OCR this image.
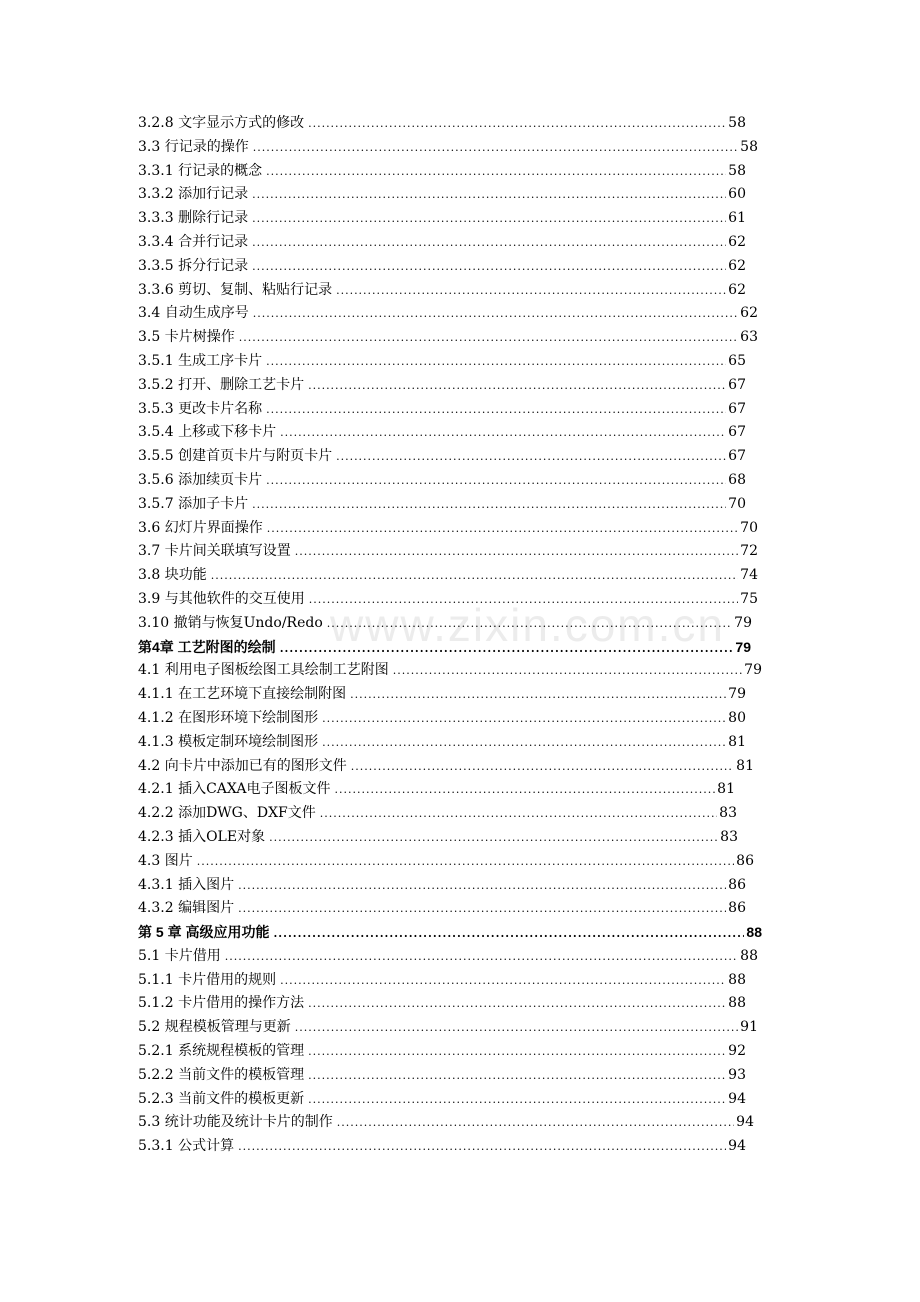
www.zixin.com.cn
3.2.8 文字显示方式的修改 .....	58
3.3 行记录的操作 .....	58
3.3.1 行记录的概念 .....	58
3.3.2 添加行记录 .....	60
3.3.3 删除行记录 .....	61
3.3.4 合并行记录 .....	62
3.3.5 拆分行记录 .....	62
3.3.6 剪切、复制、粘贴行记录 .....	62
3.4 自动生成序号 .....	62
3.5 卡片树操作 .....	63
3.5.1 生成工序卡片 .....	65
3.5.2 打开、删除工艺卡片 .....	67
3.5.3 更改卡片名称 .....	67
3.5.4 上移或下移卡片 .....	67
3.5.5 创建首页卡片与附页卡片 .....	67
3.5.6 添加续页卡片 .....	68
3.5.7 添加子卡片 .....	70
3.6 幻灯片界面操作 .....	70
3.7 卡片间关联填写设置 .....	72
3.8 块功能 .....	74
3.9 与其他软件的交互使用 .....	75
3.10 撤销与恢复Undo/Redo .....	79
第4章 工艺附图的绘制 .....	79
4.1 利用电子图板绘图工具绘制工艺附图 .....	79
4.1.1 在工艺环境下直接绘制附图 .....	79
4.1.2 在图形环境下绘制图形 .....	80
4.1.3 模板定制环境绘制图形 .....	81
4.2 向卡片中添加已有的图形文件 .....	81
4.2.1 插入CAXA电子图板文件 .....	81
4.2.2 添加DWG、DXF文件 .....	83
4.2.3 插入OLE对象 .....	83
4.3 图片 .....	86
4.3.1 插入图片 .....	86
4.3.2 编辑图片 .....	86
第 5 章 高级应用功能 .....	88
5.1 卡片借用 .....	88
5.1.1 卡片借用的规则 .....	88
5.1.2 卡片借用的操作方法 .....	88
5.2 规程模板管理与更新 .....	91
5.2.1 系统规程模板的管理 .....	92
5.2.2 当前文件的模板管理 .....	93
5.2.3 当前文件的模板更新 .....	94
5.3 统计功能及统计卡片的制作 .....	94
5.3.1 公式计算 .....	94
